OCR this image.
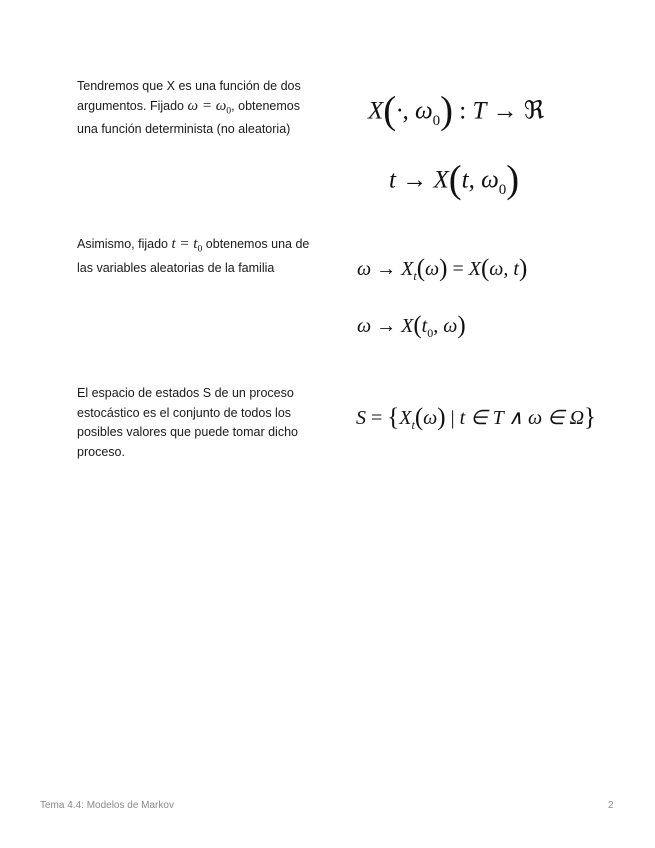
Tendremos que X es una función de dos argumentos. Fijado $\omega = \omega_0$, obtenemos una función determinista (no aleatoria)
X(·, $\omega_0$) : T → ℜ
t → X(t, $\omega_0$)
Asimismo, fijado $t = t_0$ obtenemos una de las variables aleatorias de la familia	$\omega \to X_t(\omega) = X(\omega$, t)
$\omega \to X(t_0$, ω)
El espacio de estados S de un proceso estocástico es el conjunto de todos los posibles valores que puede tomar dicho proceso.
$S = \{X_t(\omega)$ | t ∈ T ∧ ω ∈ Ω}
Tema 4.4: Modelos de Markov	2
